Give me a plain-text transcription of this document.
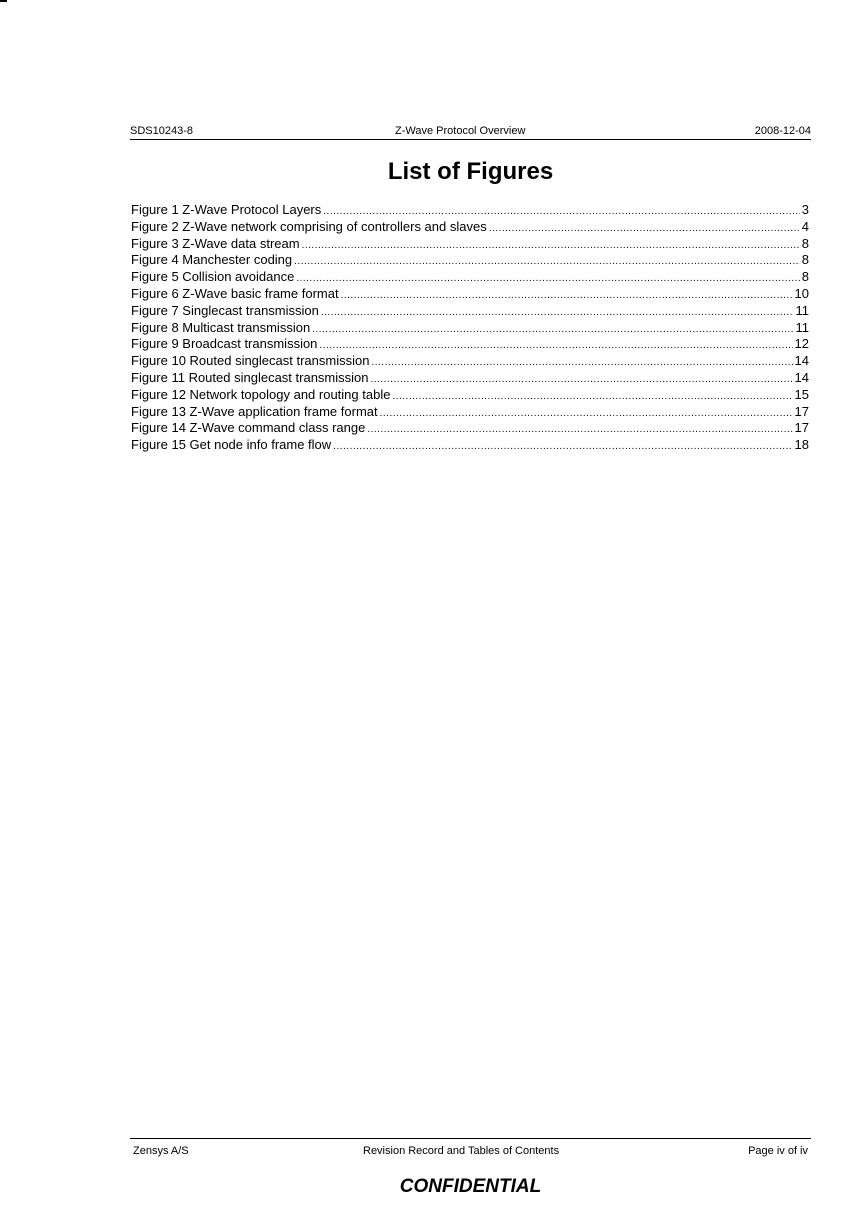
SDS10243-8	Z-Wave Protocol Overview	2008-12-04
List of Figures
Figure 1 Z-Wave Protocol Layers .....	3
Figure 2 Z-Wave network comprising of controllers and slaves .....	4
Figure 3 Z-Wave data stream .....	8
Figure 4 Manchester coding .....	8
Figure 5 Collision avoidance .....	8
Figure 6 Z-Wave basic frame format .....	10
Figure 7 Singlecast transmission .....	11
Figure 8 Multicast transmission .....	11
Figure 9 Broadcast transmission .....	12
Figure 10 Routed singlecast transmission .....	14
Figure 11 Routed singlecast transmission .....	14
Figure 12 Network topology and routing table .....	15
Figure 13 Z-Wave application frame format .....	17
Figure 14 Z-Wave command class range .....	17
Figure 15 Get node info frame flow .....	18
Zensys A/S	Revision Record and Tables of Contents	Page iv of iv
CONFIDENTIAL
